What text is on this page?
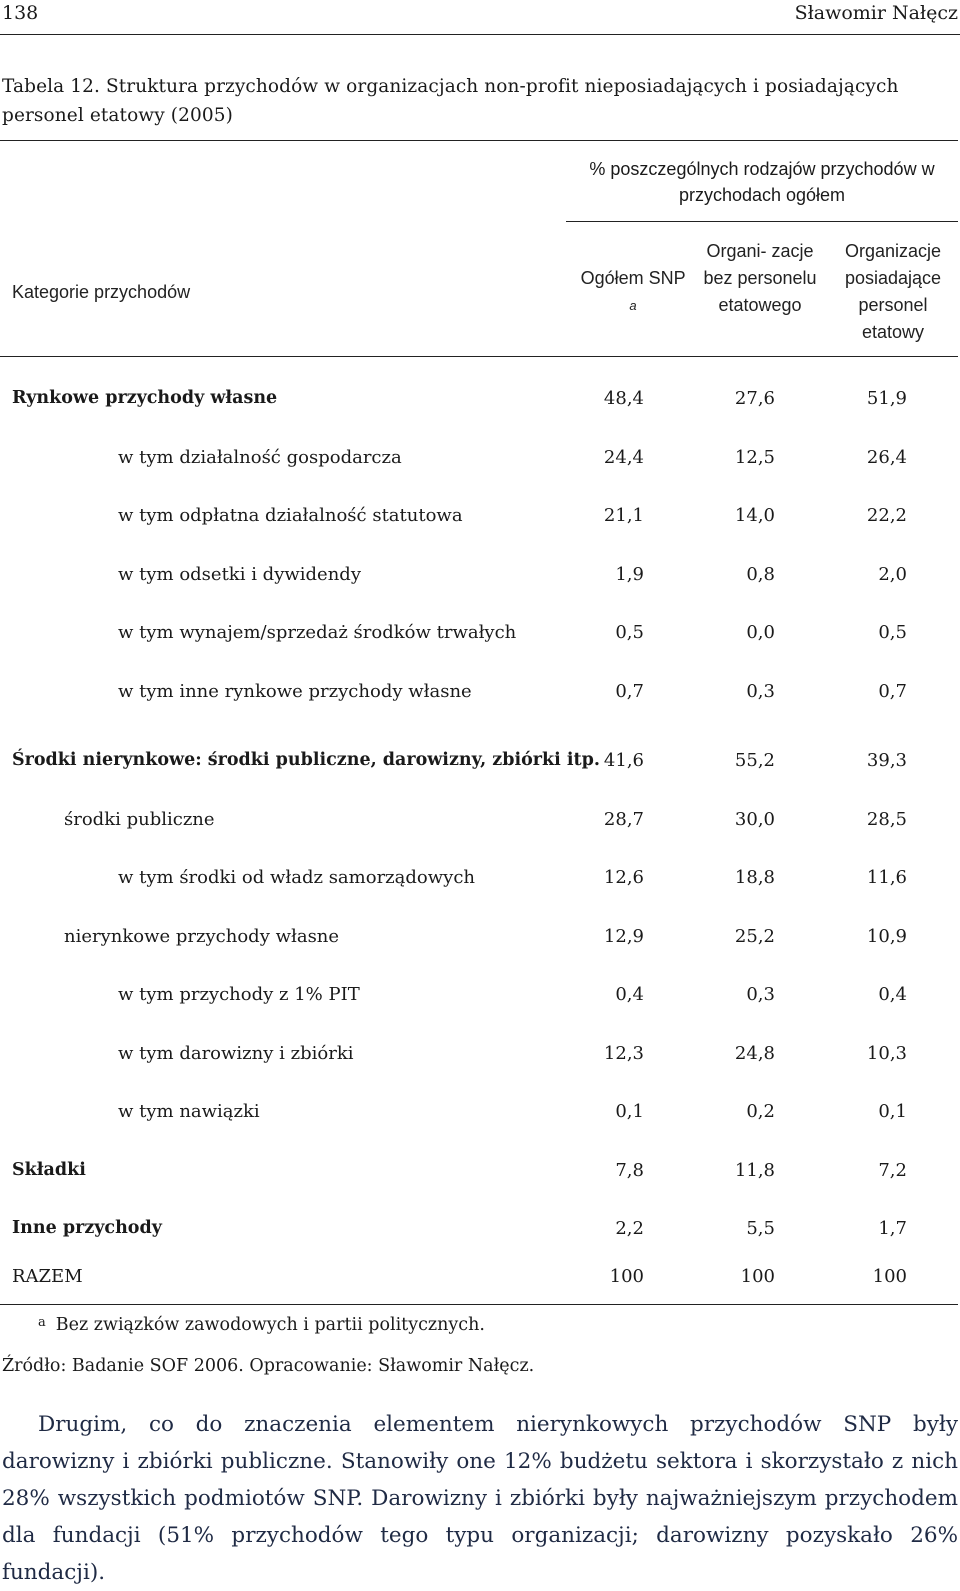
138	Sławomir Nałęcz
Tabela 12. Struktura przychodów w organizacjach non-profit nieposiadających i posiadających personel etatowy (2005)
% poszczególnych rodzajów przychodów w przychodach ogółem
Kategorie przychodów
Ogółem SNP $^a$
Organi- zacje bez personelu etatowego
Organizacje posiadające personel etatowy
Rynkowe przychody własne	48,4	27,6	51,9
w tym działalność gospodarcza	24,4	12,5	26,4
w tym odpłatna działalność statutowa	21,1	14,0	22,2
w tym odsetki i dywidendy	1,9	0,8	2,0
w tym wynajem/sprzedaż środków trwałych	0,5	0,0	0,5
w tym inne rynkowe przychody własne	0,7	0,3	0,7
Środki nierynkowe: środki publiczne, darowizny, zbiórki itp. 41,6	55,2	39,3
środki publiczne	28,7	30,0	28,5
w tym środki od władz samorządowych	12,6	18,8	11,6
nierynkowe przychody własne	12,9	25,2	10,9
w tym przychody z 1% PIT	0,4	0,3	0,4
w tym darowizny i zbiórki	12,3	24,8	10,3
w tym nawiązki	0,1	0,2	0,1
Składki	7,8	11,8	7,2
Inne przychody	2,2	5,5	1,7
RAZEM	100	100	100
$^a$ Bez związków zawodowych i partii politycznych.
Źródło: Badanie SOF 2006. Opracowanie: Sławomir Nałęcz.
Drugim, co do znaczenia elementem nierynkowych przychodów SNP były darowizny i zbiórki publiczne. Stanowiły one 12% budżetu sektora i skorzystało z nich 28% wszystkich podmiotów SNP. Darowizny i zbiórki były najważniejszym przychodem dla fundacji (51% przychodów tego typu organizacji; darowizny pozyskało 26% fundacji).
